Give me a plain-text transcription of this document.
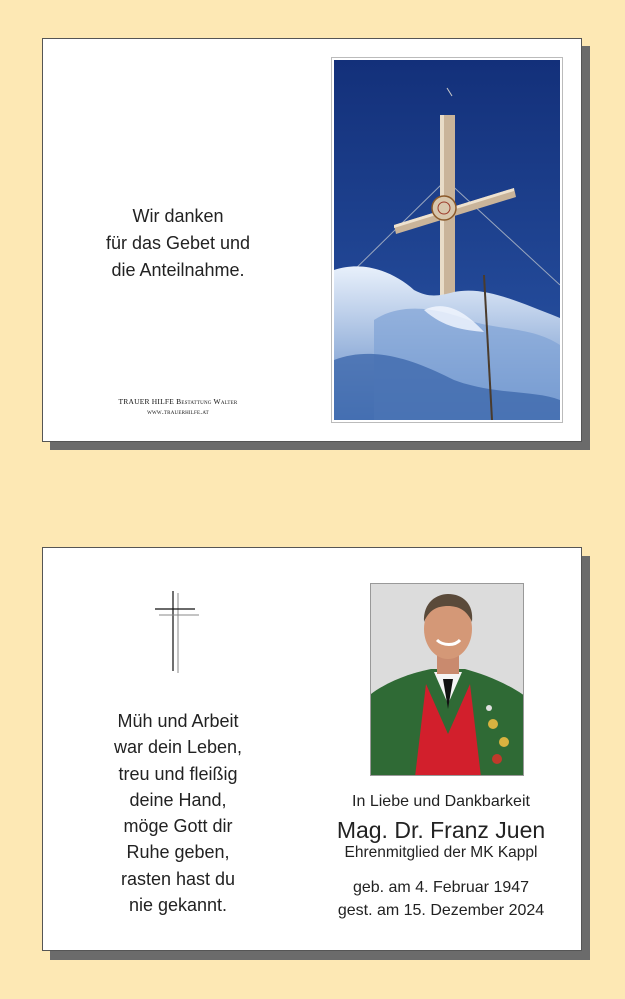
Wir danken
für das Gebet und
die Anteilnahme.
TRAUER HILFE Bestattung Walter
www.trauerhilfe.at
Müh und Arbeit
war dein Leben,
treu und fleißig
deine Hand,
möge Gott dir
Ruhe geben,
rasten hast du
nie gekannt.
In Liebe und Dankbarkeit
Mag. Dr. Franz Juen
Ehrenmitglied der MK Kappl
geb. am 4. Februar 1947
gest. am 15. Dezember 2024
